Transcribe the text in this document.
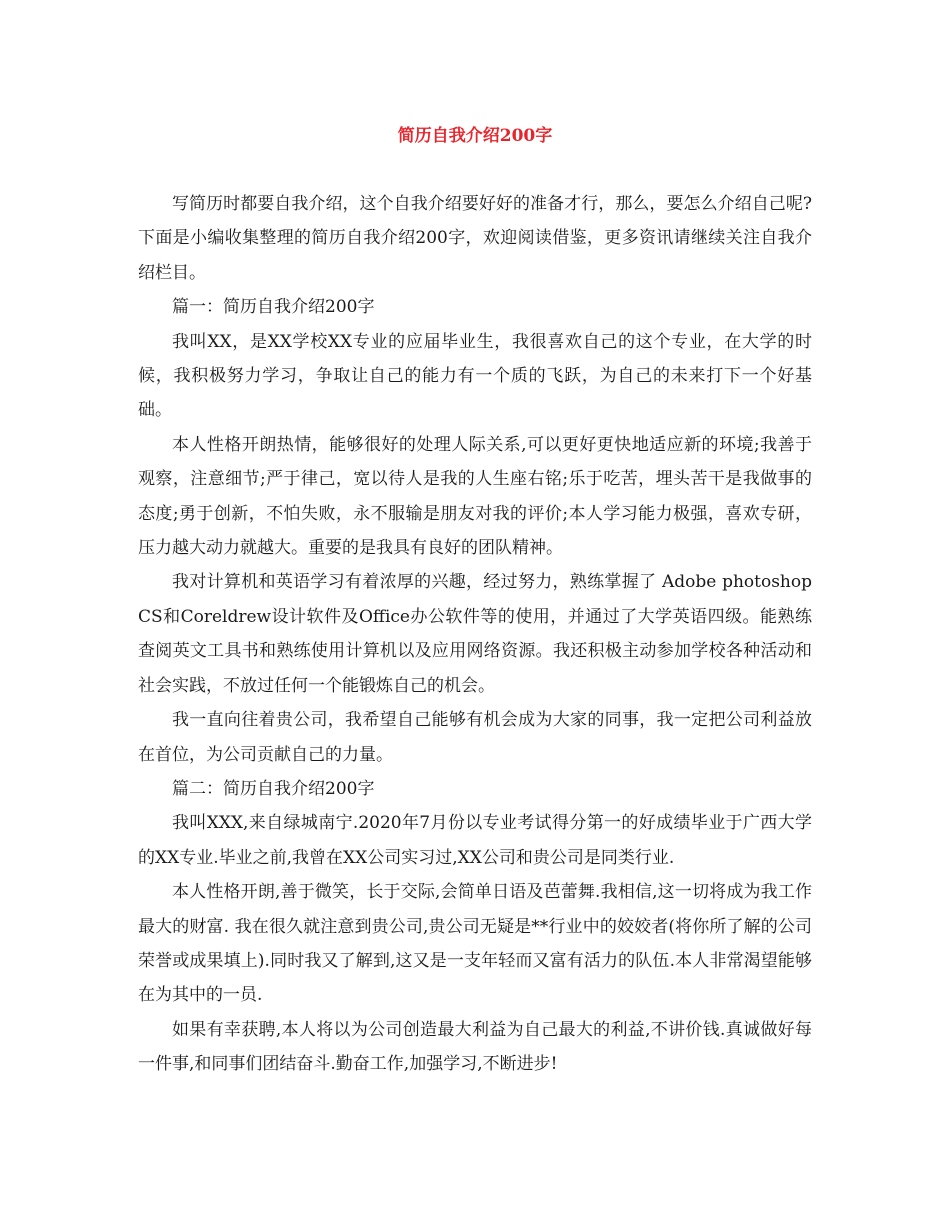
简历自我介绍200字

写简历时都要自我介绍，这个自我介绍要好好的准备才行，那么，要怎么介绍自己呢?下面是小编收集整理的简历自我介绍200字，欢迎阅读借鉴，更多资讯请继续关注自我介绍栏目。

篇一：简历自我介绍200字

我叫XX，是XX学校XX专业的应届毕业生，我很喜欢自己的这个专业，在大学的时候，我积极努力学习，争取让自己的能力有一个质的飞跃，为自己的未来打下一个好基础。

本人性格开朗热情，能够很好的处理人际关系,可以更好更快地适应新的环境;我善于观察，注意细节;严于律己，宽以待人是我的人生座右铭;乐于吃苦，埋头苦干是我做事的态度;勇于创新，不怕失败，永不服输是朋友对我的评价;本人学习能力极强，喜欢专研，压力越大动力就越大。重要的是我具有良好的团队精神。

我对计算机和英语学习有着浓厚的兴趣，经过努力，熟练掌握了 Adobe photoshop CS和Coreldrew设计软件及Office办公软件等的使用，并通过了大学英语四级。能熟练查阅英文工具书和熟练使用计算机以及应用网络资源。我还积极主动参加学校各种活动和社会实践，不放过任何一个能锻炼自己的机会。

我一直向往着贵公司，我希望自己能够有机会成为大家的同事，我一定把公司利益放在首位，为公司贡献自己的力量。

篇二：简历自我介绍200字

我叫XXX,来自绿城南宁.2020年7月份以专业考试得分第一的好成绩毕业于广西大学的XX专业.毕业之前,我曾在XX公司实习过,XX公司和贵公司是同类行业.

本人性格开朗,善于微笑，长于交际,会简单日语及芭蕾舞.我相信,这一切将成为我工作最大的财富. 我在很久就注意到贵公司,贵公司无疑是**行业中的姣姣者(将你所了解的公司荣誉或成果填上).同时我又了解到,这又是一支年轻而又富有活力的队伍.本人非常渴望能够在为其中的一员.

如果有幸获聘,本人将以为公司创造最大利益为自己最大的利益,不讲价钱.真诚做好每一件事,和同事们团结奋斗.勤奋工作,加强学习,不断进步!
